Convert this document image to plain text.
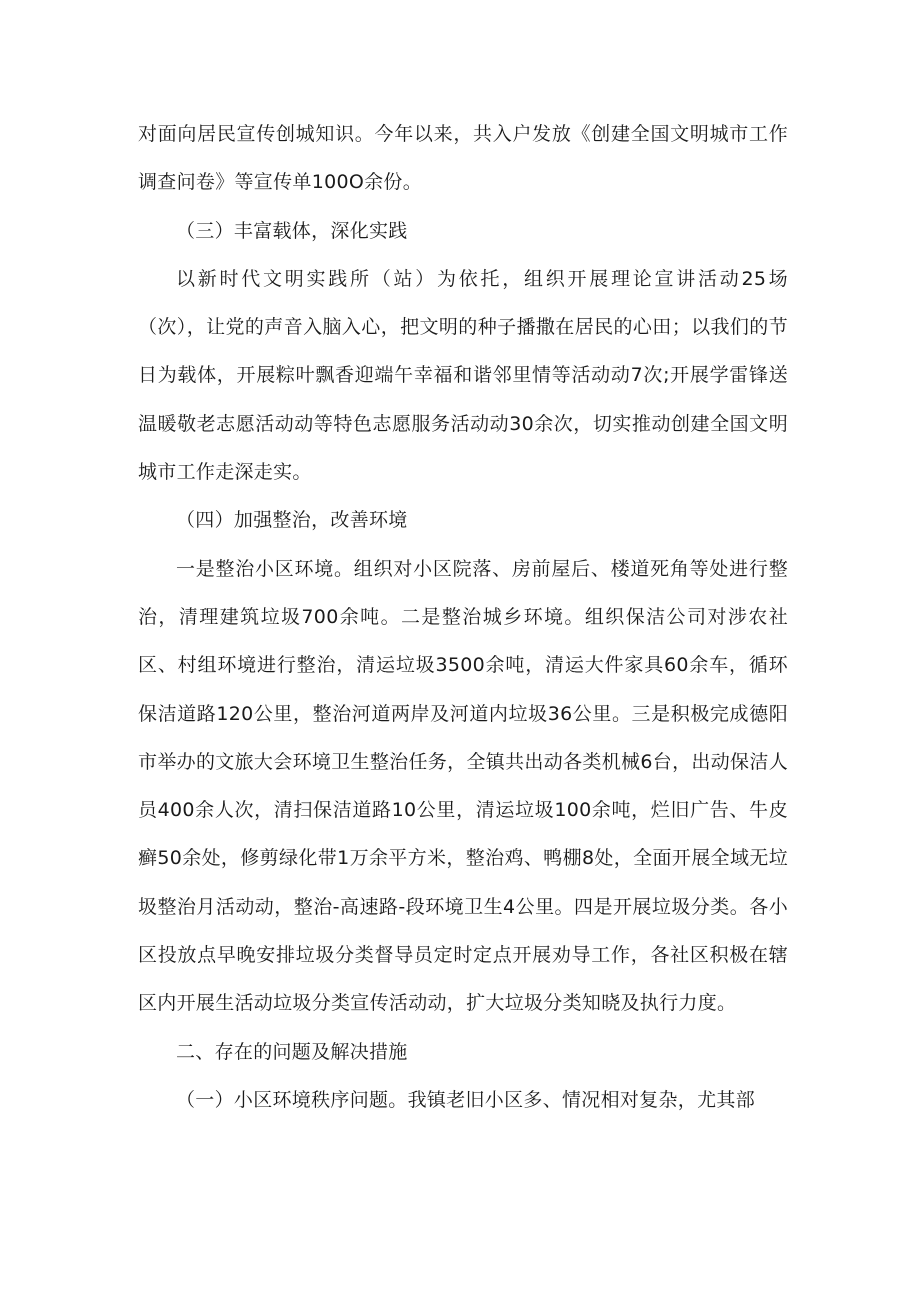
对面向居民宣传创城知识。今年以来，共入户发放《创建全国文明城市工作调查问卷》等宣传单100O余份。

（三）丰富载体，深化实践

以新时代文明实践所（站）为依托，组织开展理论宣讲活动25场（次），让党的声音入脑入心，把文明的种子播撒在居民的心田；以我们的节日为载体，开展粽叶飘香迎端午幸福和谐邻里情等活动动7次;开展学雷锋送温暖敬老志愿活动动等特色志愿服务活动动30余次，切实推动创建全国文明城市工作走深走实。

（四）加强整治，改善环境

一是整治小区环境。组织对小区院落、房前屋后、楼道死角等处进行整治，清理建筑垃圾700余吨。二是整治城乡环境。组织保洁公司对涉农社区、村组环境进行整治，清运垃圾3500余吨，清运大件家具60余车，循环保洁道路120公里，整治河道两岸及河道内垃圾36公里。三是积极完成德阳市举办的文旅大会环境卫生整治任务，全镇共出动各类机械6台，出动保洁人员400余人次，清扫保洁道路10公里，清运垃圾100余吨，烂旧广告、牛皮癣50余处，修剪绿化带1万余平方米，整治鸡、鸭棚8处，全面开展全域无垃圾整治月活动动，整治-高速路-段环境卫生4公里。四是开展垃圾分类。各小区投放点早晚安排垃圾分类督导员定时定点开展劝导工作，各社区积极在辖区内开展生活动垃圾分类宣传活动动，扩大垃圾分类知晓及执行力度。

二、存在的问题及解决措施

（一）小区环境秩序问题。我镇老旧小区多、情况相对复杂，尤其部
